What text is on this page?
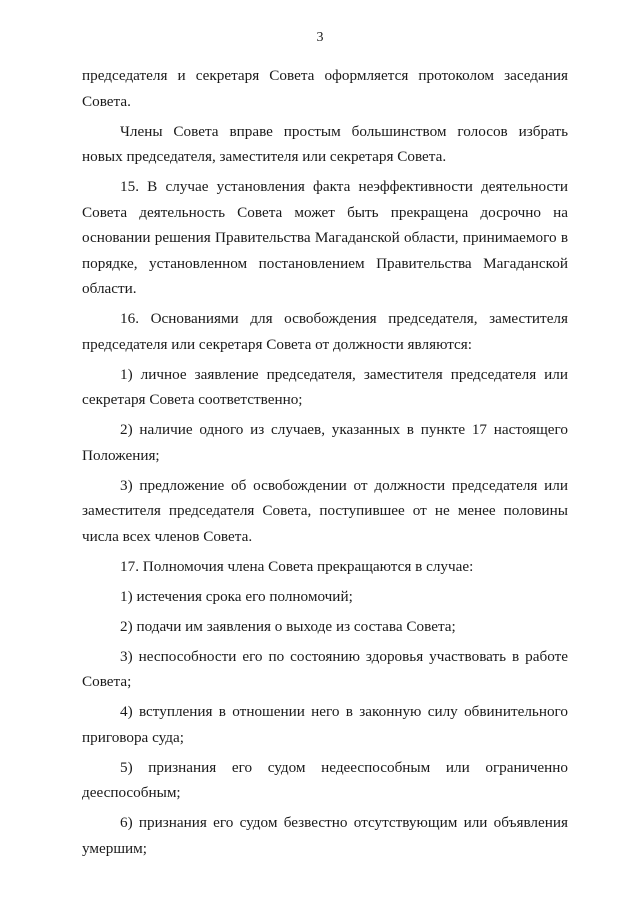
3

председателя и секретаря Совета оформляется протоколом заседания Совета.

Члены Совета вправе простым большинством голосов избрать новых председателя, заместителя или секретаря Совета.

15. В случае установления факта неэффективности деятельности Совета деятельность Совета может быть прекращена досрочно на основании решения Правительства Магаданской области, принимаемого в порядке, установленном постановлением Правительства Магаданской области.

16. Основаниями для освобождения председателя, заместителя председателя или секретаря Совета от должности являются:

1) личное заявление председателя, заместителя председателя или секретаря Совета соответственно;

2) наличие одного из случаев, указанных в пункте 17 настоящего Положения;

3) предложение об освобождении от должности председателя или заместителя председателя Совета, поступившее от не менее половины числа всех членов Совета.

17. Полномочия члена Совета прекращаются в случае:

1) истечения срока его полномочий;

2) подачи им заявления о выходе из состава Совета;

3) неспособности его по состоянию здоровья участвовать в работе Совета;

4) вступления в отношении него в законную силу обвинительного приговора суда;

5) признания его судом недееспособным или ограниченно дееспособным;

6) признания его судом безвестно отсутствующим или объявления умершим;
